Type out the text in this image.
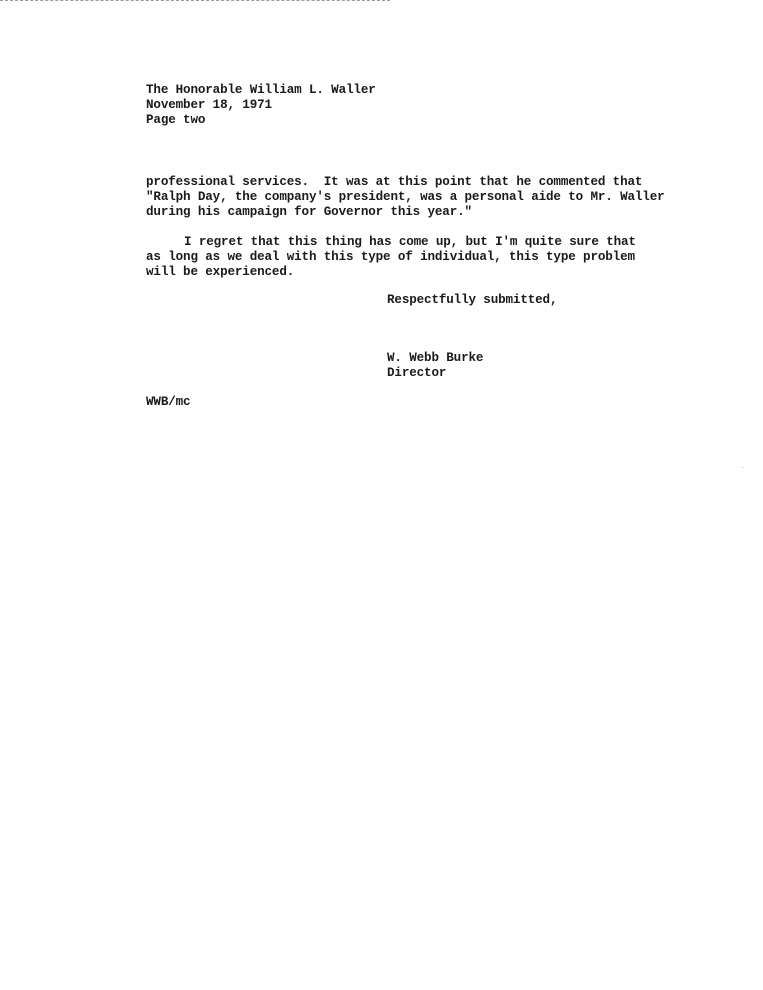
The Honorable William L. Waller
November 18, 1971
Page two
professional services.  It was at this point that he commented that
"Ralph Day, the company's president, was a personal aide to Mr. Waller
during his campaign for Governor this year."
I regret that this thing has come up, but I'm quite sure that
as long as we deal with this type of individual, this type problem
will be experienced.
Respectfully submitted,
W. Webb Burke
Director
WWB/mc
